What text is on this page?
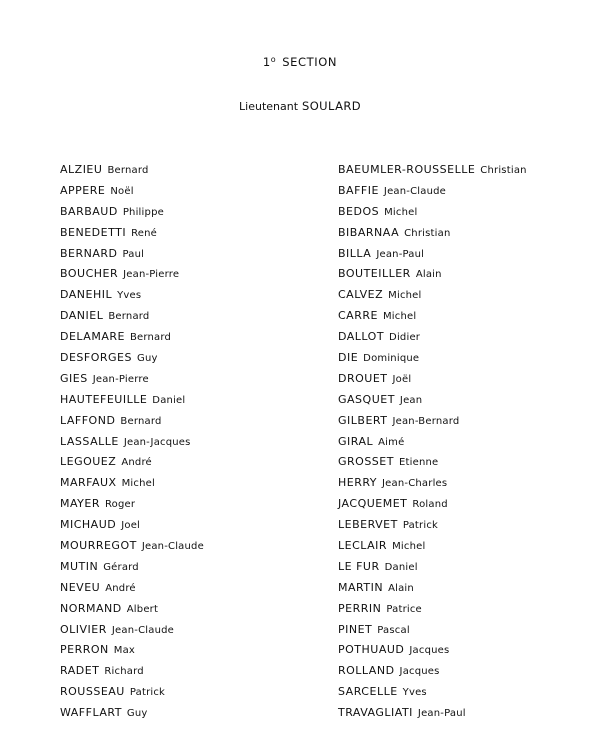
1$^o$ SECTION
Lieutenant SOULARD
ALZIEU Bernard
APPERE Noël
BARBAUD Philippe
BENEDETTI René
BERNARD Paul
BOUCHER Jean-Pierre
DANEHIL Yves
DANIEL Bernard
DELAMARE Bernard
DESFORGES Guy
GIES Jean-Pierre
HAUTEFEUILLE Daniel
LAFFOND Bernard
LASSALLE Jean-Jacques
LEGOUEZ André
MARFAUX Michel
MAYER Roger
MICHAUD Joel
MOURREGOT Jean-Claude
MUTIN Gérard
NEVEU André
NORMAND Albert
OLIVIER Jean-Claude
PERRON Max
RADET Richard
ROUSSEAU Patrick
WAFFLART Guy
BAEUMLER-ROUSSELLE Christian
BAFFIE Jean-Claude
BEDOS Michel
BIBARNAA Christian
BILLA Jean-Paul
BOUTEILLER Alain
CALVEZ Michel
CARRE Michel
DALLOT Didier
DIE Dominique
DROUET Joël
GASQUET Jean
GILBERT Jean-Bernard
GIRAL Aimé
GROSSET Etienne
HERRY Jean-Charles
JACQUEMET Roland
LEBERVET Patrick
LECLAIR Michel
LE FUR Daniel
MARTIN Alain
PERRIN Patrice
PINET Pascal
POTHUAUD Jacques
ROLLAND Jacques
SARCELLE Yves
TRAVAGLIATI Jean-Paul
